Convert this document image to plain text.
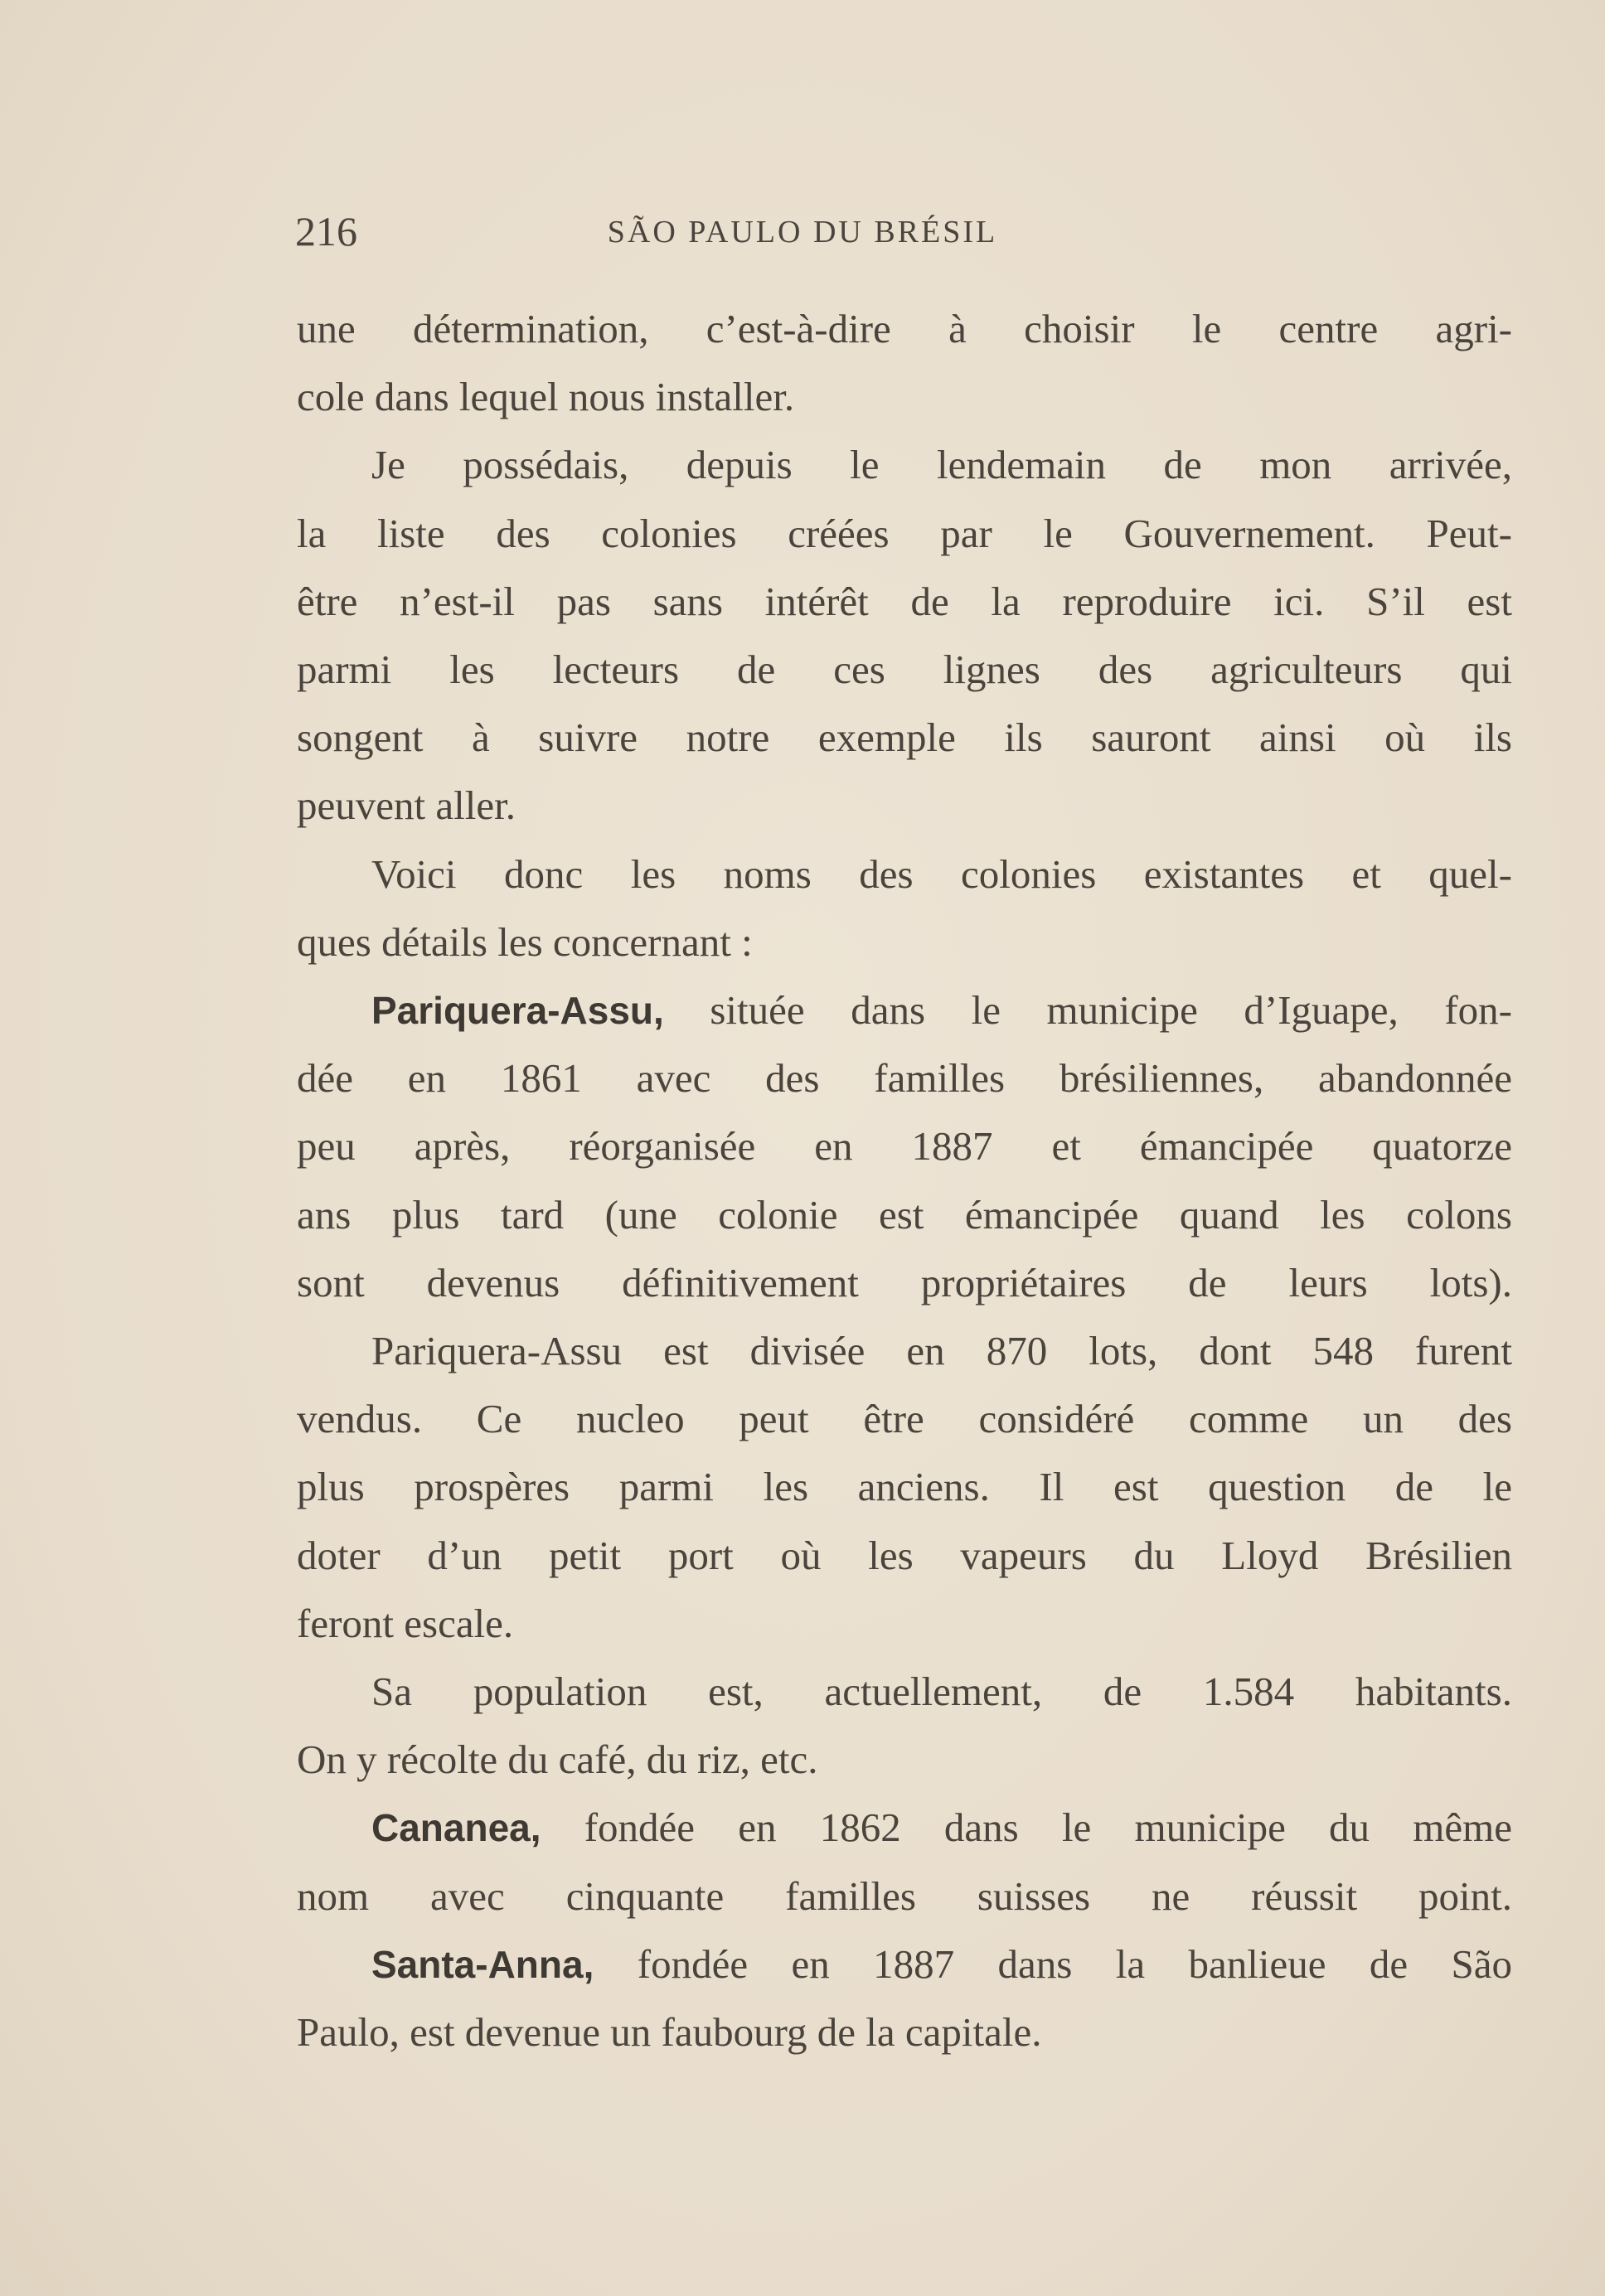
216	SÃO PAULO DU BRÉSIL
une détermination, c’est-à-dire à choisir le centre agri-
cole dans lequel nous installer.
Je possédais, depuis le lendemain de mon arrivée,
la liste des colonies créées par le Gouvernement. Peut-
être n’est-il pas sans intérêt de la reproduire ici. S’il est
parmi les lecteurs de ces lignes des agriculteurs qui
songent à suivre notre exemple ils sauront ainsi où ils
peuvent aller.
Voici donc les noms des colonies existantes et quel-
ques détails les concernant :
Pariquera-Assu, située dans le municipe d’Iguape, fon-
dée en 1861 avec des familles brésiliennes, abandonnée
peu après, réorganisée en 1887 et émancipée quatorze
ans plus tard (une colonie est émancipée quand les colons
sont devenus définitivement propriétaires de leurs lots).
Pariquera-Assu est divisée en 870 lots, dont 548 furent
vendus. Ce nucleo peut être considéré comme un des
plus prospères parmi les anciens. Il est question de le
doter d’un petit port où les vapeurs du Lloyd Brésilien
feront escale.
Sa population est, actuellement, de 1.584 habitants.
On y récolte du café, du riz, etc.
Cananea, fondée en 1862 dans le municipe du même
nom avec cinquante familles suisses ne réussit point.
Santa-Anna, fondée en 1887 dans la banlieue de São
Paulo, est devenue un faubourg de la capitale.
